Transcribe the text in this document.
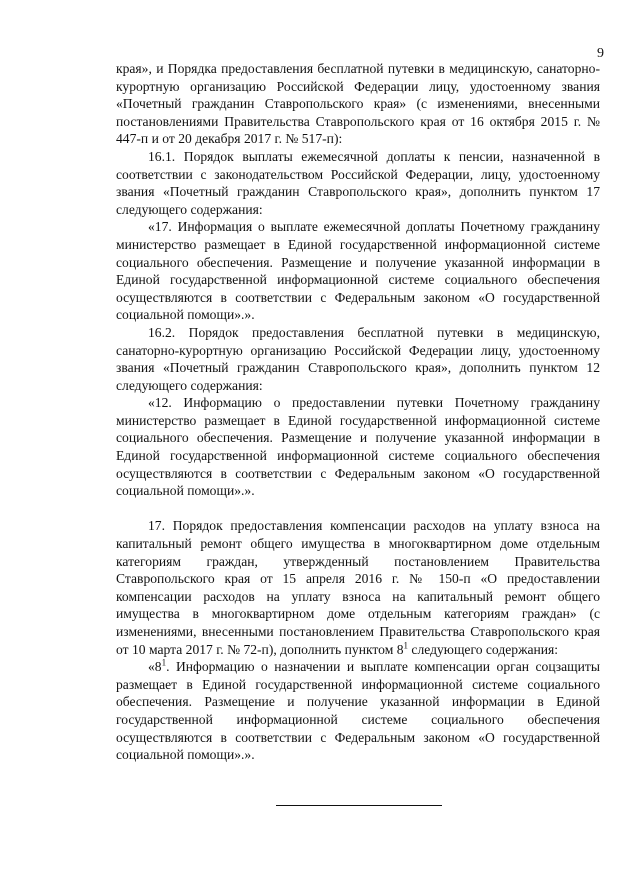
9

края», и Порядка предоставления бесплатной путевки в медицинскую, санаторно-курортную организацию Российской Федерации лицу, удостоенному звания «Почетный гражданин Ставропольского края» (с изменениями, внесенными постановлениями Правительства Ставропольского края от 16 октября 2015 г. № 447-п и от 20 декабря 2017 г. № 517-п):

16.1. Порядок выплаты ежемесячной доплаты к пенсии, назначенной в соответствии с законодательством Российской Федерации, лицу, удостоенному звания «Почетный гражданин Ставропольского края», дополнить пунктом 17 следующего содержания:

«17. Информация о выплате ежемесячной доплаты Почетному гражданину министерство размещает в Единой государственной информационной системе социального обеспечения. Размещение и получение указанной информации в Единой государственной информационной системе социального обеспечения осуществляются в соответствии с Федеральным законом «О государственной социальной помощи».».

16.2. Порядок предоставления бесплатной путевки в медицинскую, санаторно-курортную организацию Российской Федерации лицу, удостоенному звания «Почетный гражданин Ставропольского края», дополнить пунктом 12 следующего содержания:

«12. Информацию о предоставлении путевки Почетному гражданину министерство размещает в Единой государственной информационной системе социального обеспечения. Размещение и получение указанной информации в Единой государственной информационной системе социального обеспечения осуществляются в соответствии с Федеральным законом «О государственной социальной помощи».».

17. Порядок предоставления компенсации расходов на уплату взноса на капитальный ремонт общего имущества в многоквартирном доме отдельным категориям граждан, утвержденный постановлением Правительства Ставропольского края от 15 апреля 2016 г. № 150-п «О предоставлении компенсации расходов на уплату взноса на капитальный ремонт общего имущества в многоквартирном доме отдельным категориям граждан» (с изменениями, внесенными постановлением Правительства Ставропольского края от 10 марта 2017 г. № 72-п), дополнить пунктом $8^1$ следующего содержания:

«$8^1$. Информацию о назначении и выплате компенсации орган соцзащиты размещает в Единой государственной информационной системе социального обеспечения. Размещение и получение указанной информации в Единой государственной информационной системе социального обеспечения осуществляются в соответствии с Федеральным законом «О государственной социальной помощи».».
